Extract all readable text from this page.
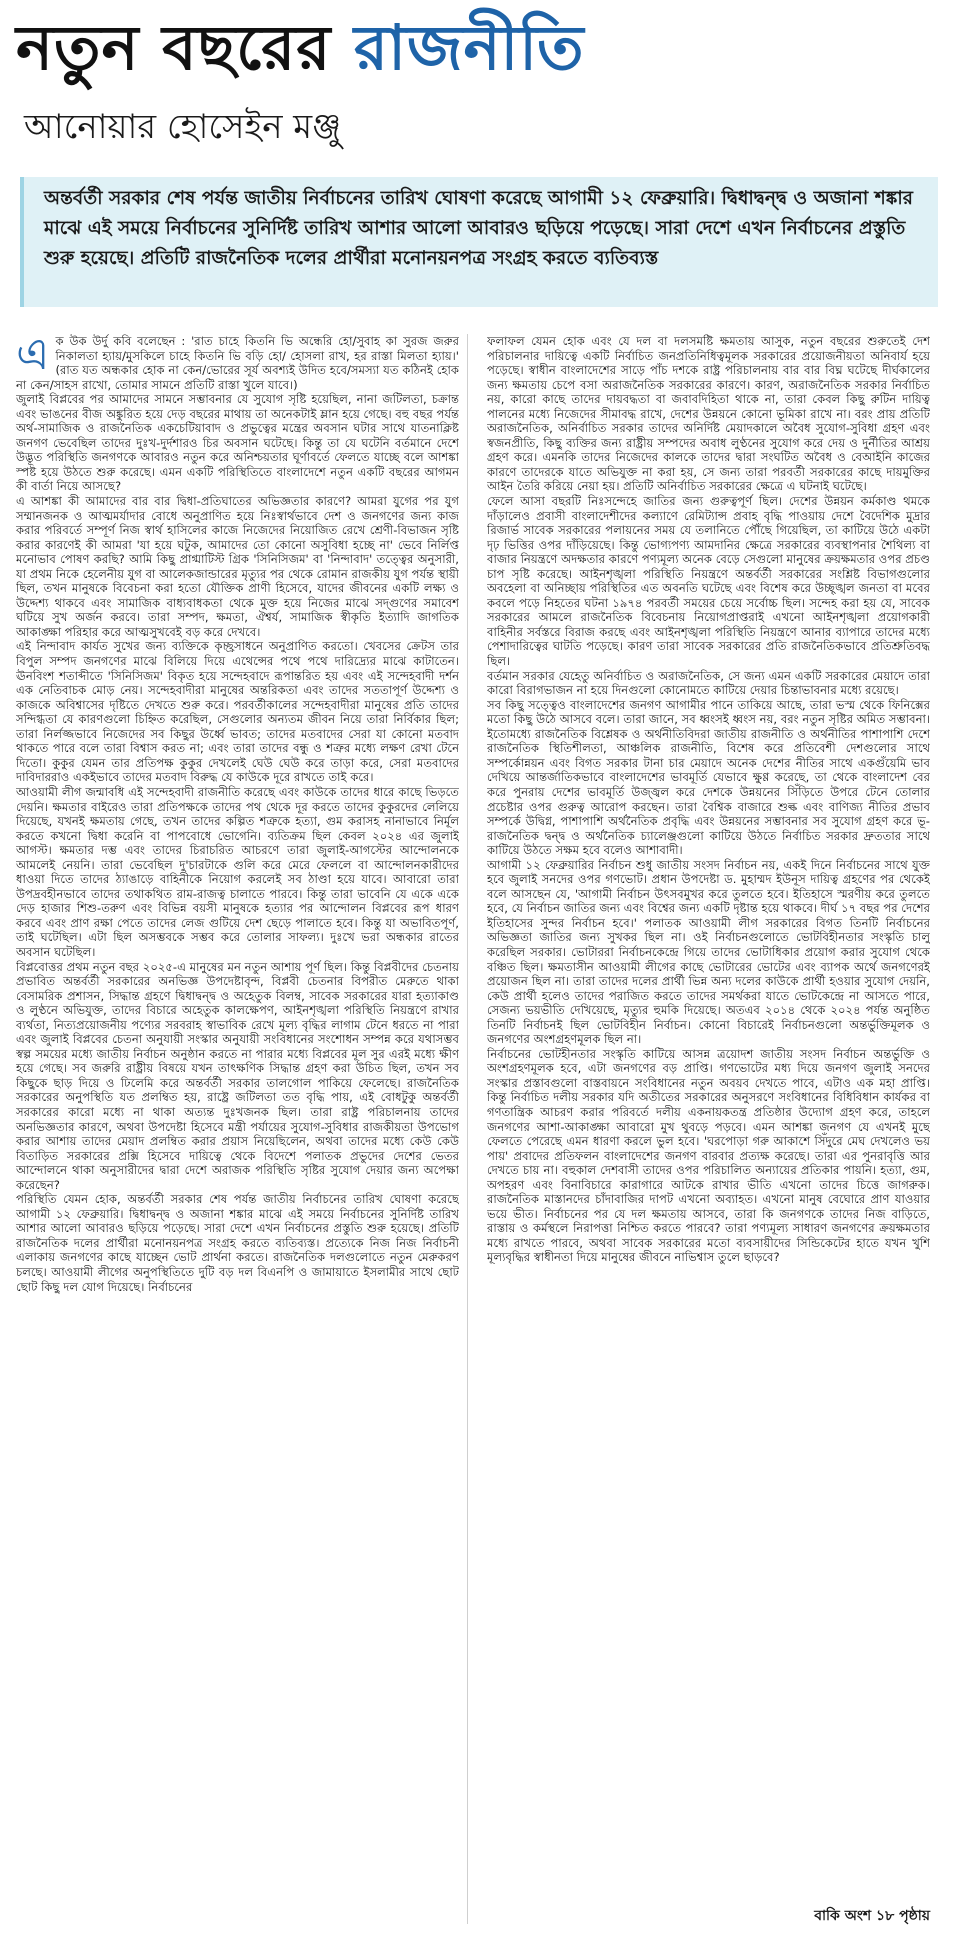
নতুন বছরের রাজনীতি
আনোয়ার হোসেইন মঞ্জু
অন্তর্বর্তী সরকার শেষ পর্যন্ত জাতীয় নির্বাচনের তারিখ ঘোষণা করেছে আগামী ১২ ফেব্রুয়ারি। দ্বিধাদ্বন্দ্ব ও অজানা শঙ্কার মাঝে এই সময়ে নির্বাচনের সুনির্দিষ্ট তারিখ আশার আলো আবারও ছড়িয়ে পড়েছে। সারা দেশে এখন নির্বাচনের প্রস্তুতি শুরু হয়েছে। প্রতিটি রাজনৈতিক দলের প্রার্থীরা মনোনয়নপত্র সংগ্রহ করতে ব্যতিব্যস্ত
এ ক উক উর্দু কবি বলেছেন : 'রাত চাহে কিতনি ভি অন্ধেরি হো/সুবাহ কা সুরজ জরুর নিকালতা হ্যায়/মুসকিলে চাহে কিতনি ভি বড়ি হো/ হোসলা রাখ, হর রাস্তা মিলতা হ্যায়।' (রাত যত অন্ধকার হোক না কেন/ভোরের সূর্য অবশ্যই উদিত হবে/সমস্যা যত কঠিনই হোক না কেন/সাহস রাখো, তোমার সামনে প্রতিটি রাস্তা খুলে যাবে।)

জুলাই বিপ্লবের পর আমাদের সামনে সম্ভাবনার যে সুযোগ সৃষ্টি হয়েছিল, নানা জটিলতা, চক্রান্ত এবং ভাঙনের বীজ অঙ্কুরিত হয়ে দেড় বছরের মাথায় তা অনেকটাই ম্লান হয়ে গেছে। বহু বছর পর্যন্ত অর্থ-সামাজিক ও রাজনৈতিক একচেটিয়াবাদ ও প্রভুত্বের মন্ত্রের অবসান ঘটার সাথে যাতনাক্লিষ্ট জনগণ ভেবেছিল তাদের দুঃখ-দুর্দশারও চির অবসান ঘটেছে। কিন্তু তা যে ঘটেনি বর্তমানে দেশে উদ্ভূত পরিস্থিতি জনগণকে আবারও নতুন করে অনিশ্চয়তার ঘূর্ণাবর্তে ফেলতে যাচ্ছে বলে আশঙ্কা স্পষ্ট হয়ে উঠতে শুরু করেছে। এমন একটি পরিস্থিতিতে বাংলাদেশে নতুন একটি বছরের আগমন কী বার্তা নিয়ে আসছে?

এ আশঙ্কা কী আমাদের বার বার দ্বিধা-প্রতিঘাতের অভিজ্ঞতার কারণে? আমরা যুগের পর যুগ সম্মানজনক ও আত্মমর্যাদার বোধে অনুপ্রাণিত হয়ে নিঃস্বার্থভাবে দেশ ও জনগণের জন্য কাজ করার পরিবর্তে সম্পূর্ণ নিজ স্বার্থ হাসিলের কাজে নিজেদের নিয়োজিত রেখে শ্রেণী-বিভাজন সৃষ্টি করার কারণেই কী আমরা 'যা হয়ে ঘটুক, আমাদের তো কোনো অসুবিধা হচ্ছে না' ভেবে নির্লিপ্ত মনোভাব পোষণ করছি? আমি কিছু প্রাগ্মাটিস্ট গ্রিক 'সিনিসিজম' বা 'নিন্দাবাদ' তত্ত্বের অনুসারী, যা প্রথম নিকে হেলেনীয় যুগ বা আলেকজান্ডারের মৃত্যুর পর থেকে রোমান রাজকীয় যুগ পর্যন্ত স্থায়ী ছিল, তখন মানুষকে বিবেচনা করা হতো যৌক্তিক প্রাণী হিসেবে, যাদের জীবনের একটি লক্ষ্য ও উদ্দেশ্য থাকবে এবং সামাজিক বাধ্যবাধকতা থেকে মুক্ত হয়ে নিজের মাঝে সদ্গুণের সমাবেশ ঘটিয়ে সুখ অর্জন করবে। তারা সম্পদ, ক্ষমতা, ঐশ্বর্য, সামাজিক স্বীকৃতি ইত্যাদি জাগতিক আকাঙ্ক্ষা পরিহার করে আত্মসুখবেই বড় করে দেখবে।

এই নিন্দাবাদ কার্যত সুখের জন্য ব্যক্তিকে কৃচ্ছ্রসাধনে অনুপ্রাণিত করতো। খেবসের ক্রেটস তার বিপুল সম্পদ জনগণের মাঝে বিলিয়ে দিয়ে এথেন্সের পথে পথে দারিদ্র্যের মাঝে কাটাতেন। ঊনবিংশ শতাব্দীতে 'সিনিসিজম' বিকৃত হয়ে সন্দেহবাদে রূপান্তরিত হয় এবং এই সন্দেহবাদী দর্শন এক নেতিবাচক মোড় নেয়। সন্দেহবাদীরা মানুষের অন্তরিকতা এবং তাদের সততাপূর্ণ উদ্দেশ্য ও কাজকে অবিশ্বাসের দৃষ্টিতে দেখতে শুরু করে। পরবর্তীকালের সন্দেহবাদীরা মানুষের প্রতি তাদের সন্দিগ্ধতা যে কারণগুলো চিহ্নিত করেছিল, সেগুলোর অন্যতম জীবন নিয়ে তারা নির্বিকার ছিল; তারা নির্লজ্জভাবে নিজেদের সব কিছুর উর্ধ্বে ভাবত; তাদের মতবাদের সেরা যা কোনো মতবাদ থাকতে পারে বলে তারা বিশ্বাস করত না; এবং তারা তাদের বন্ধু ও শত্রুর মধ্যে লক্ষণ রেখা টেনে দিতো। কুকুর যেমন তার প্রতিপক্ষ কুকুর দেখলেই ঘেউ ঘেউ করে তাড়া করে, সেরা মতবাদের দাবিদাররাও একইভাবে তাদের মতবাদ বিরুদ্ধ যে কাউকে দূরে রাখতে তাই করে।

আওয়ামী লীগ জন্মাবধি এই সন্দেহবাদী রাজনীতি করেছে এবং কাউকে তাদের ধারে কাছে ভিড়তে দেয়নি। ক্ষমতার বাইরেও তারা প্রতিপক্ষকে তাদের পথ থেকে দূর করতে তাদের কুকুরদের লেলিয়ে দিয়েছে, যখনই ক্ষমতায় গেছে, তখন তাদের কল্পিত শত্রুকে হত্যা, গুম করাসহ নানাভাবে নির্মূল করতে কখনো দ্বিধা করেনি বা পাপবোধে ভোগেনি। ব্যতিক্রম ছিল কেবল ২০২৪ এর জুলাই আগস্ট। ক্ষমতার দম্ভ এবং তাদের চিরাচরিত আচরণে তারা জুলাই-আগস্টের আন্দোলনকে আমলেই নেয়নি। তারা ভেবেছিল দু'চারটাকে গুলি করে মেরে ফেললে বা আন্দোলনকারীদের ধাওয়া দিতে তাদের ঠ্যাঙাড়ে বাহিনীকে নিয়োগ করলেই সব ঠাণ্ডা হয়ে যাবে। আবারো তারা উপদ্রবহীনভাবে তাদের তথাকথিত রাম-রাজত্ব চালাতে পারবে। কিন্তু তারা ভাবেনি যে একে একে দেড় হাজার শিশু-তরুণ এবং বিভিন্ন বয়সী মানুষকে হত্যার পর আন্দোলন বিপ্লবের রূপ ধারণ করবে এবং প্রাণ রক্ষা পেতে তাদের লেজ গুটিয়ে দেশ ছেড়ে পালাতে হবে। কিন্তু যা অভাবিতপূর্ণ, তাই ঘটেছিল। এটা ছিল অসম্ভবকে সম্ভব করে তোলার সাফল্য। দুঃখে ভরা অন্ধকার রাতের অবসান ঘটেছিল।

বিপ্লবোত্তর প্রথম নতুন বছর ২০২৫-এ মানুষের মন নতুন আশায় পূর্ণ ছিল। কিন্তু বিপ্লবীদের চেতনায় প্রভাবিত অন্তর্বর্তী সরকারের অনভিজ্ঞ উপদেষ্টাবৃন্দ, বিপ্লবী চেতনার বিপরীত মেরুতে থাকা বেসামরিক প্রশাসন, সিদ্ধান্ত গ্রহণে দ্বিধাদ্বন্দ্ব ও অহেতুক বিলম্ব, সাবেক সরকারের যারা হত্যাকাণ্ড ও লুণ্ঠনে অভিযুক্ত, তাদের বিচারে অহেতুক কালক্ষেপণ, আইনশৃঙ্খলা পরিস্থিতি নিয়ন্ত্রণে রাখার ব্যর্থতা, নিত্যপ্রয়োজনীয় পণ্যের সরবরাহ স্বাভাবিক রেখে মূল্য বৃদ্ধির লাগাম টেনে ধরতে না পারা এবং জুলাই বিপ্লবের চেতনা অনুযায়ী সংস্কার অনুযায়ী সংবিধানের সংশোধন সম্পন্ন করে যথাসম্ভব স্বল্প সময়ের মধ্যে জাতীয় নির্বাচন অনুষ্ঠান করতে না পারার মধ্যে বিপ্লবের মূল সুর এরই মধ্যে ক্ষীণ হয়ে গেছে। সব জরুরি রাষ্ট্রীয় বিষয়ে যখন তাৎক্ষণিক সিদ্ধান্ত গ্রহণ করা উচিত ছিল, তখন সব কিছুকে ছাড় দিয়ে ও ঢিলেমি করে অন্তর্বর্তী সরকার তালগোল পাকিয়ে ফেলেছে। রাজনৈতিক সরকারের অনুপস্থিতি যত প্রলম্বিত হয়, রাষ্ট্রে জটিলতা তত বৃদ্ধি পায়, এই বোধটুকু অন্তর্বর্তী সরকারের কারো মধ্যে না থাকা অত্যন্ত দুঃখজনক ছিল। তারা রাষ্ট্র পরিচালনায় তাদের অনভিজ্ঞতার কারণে, অথবা উপদেষ্টা হিসেবে মন্ত্রী পর্যায়ের সুযোগ-সুবিধার রাজকীয়তা উপভোগ করার আশায় তাদের মেয়াদ প্রলম্বিত করার প্রয়াস নিয়েছিলেন, অথবা তাদের মধ্যে কেউ কেউ বিতাড়িত সরকারের প্রক্সি হিসেবে দায়িত্বে থেকে বিদেশে পলাতক প্রভুদের দেশের ভেতর আন্দোলনে থাকা অনুসারীদের দ্বারা দেশে অরাজক পরিস্থিতি সৃষ্টির সুযোগ দেয়ার জন্য অপেক্ষা করেছেন?

পরিস্থিতি যেমন হোক, অন্তর্বর্তী সরকার শেষ পর্যন্ত জাতীয় নির্বাচনের তারিখ ঘোষণা করেছে আগামী ১২ ফেব্রুয়ারি। দ্বিধাদ্বন্দ্ব ও অজানা শঙ্কার মাঝে এই সময়ে নির্বাচনের সুনির্দিষ্ট তারিখ আশার আলো আবারও ছড়িয়ে পড়েছে। সারা দেশে এখন নির্বাচনের প্রস্তুতি শুরু হয়েছে। প্রতিটি রাজনৈতিক দলের প্রার্থীরা মনোনয়নপত্র সংগ্রহ করতে ব্যতিব্যস্ত। প্রত্যেকে নিজ নিজ নির্বাচনী এলাকায় জনগণের কাছে যাচ্ছেন ভোট প্রার্থনা করতে। রাজনৈতিক দলগুলোতে নতুন মেরুকরণ চলছে। আওয়ামী লীগের অনুপস্থিতিতে দুটি বড় দল বিএনপি ও জামায়াতে ইসলামীর সাথে ছোট ছোট কিছু দল যোগ দিয়েছে। নির্বাচনের

ফলাফল যেমন হোক এবং যে দল বা দলসমষ্টি ক্ষমতায় আসুক, নতুন বছরের শুরুতেই দেশ পরিচালনার দায়িত্বে একটি নির্বাচিত জনপ্রতিনিধিত্বমূলক সরকারের প্রয়োজনীয়তা অনিবার্য হয়ে পড়েছে। স্বাধীন বাংলাদেশের সাড়ে পাঁচ দশকে রাষ্ট্র পরিচালনায় বার বার বিঘ্ন ঘটেছে দীর্ঘকালের জন্য ক্ষমতায় চেপে বসা অরাজনৈতিক সরকারের কারণে। কারণ, অরাজনৈতিক সরকার নির্বাচিত নয়, কারো কাছে তাদের দায়বদ্ধতা বা জবাবদিহিতা থাকে না, তারা কেবল কিছু রুটিন দায়িত্ব পালনের মধ্যে নিজেদের সীমাবদ্ধ রাখে, দেশের উন্নয়নে কোনো ভূমিকা রাখে না। বরং প্রায় প্রতিটি অরাজনৈতিক, অনির্বাচিত সরকার তাদের অনির্দিষ্ট মেয়াদকালে অবৈধ সুযোগ-সুবিধা গ্রহণ এবং স্বজনপ্রীতি, কিছু ব্যক্তির জন্য রাষ্ট্রীয় সম্পদের অবাধ লুণ্ঠনের সুযোগ করে দেয় ও দুর্নীতির আশ্রয় গ্রহণ করে। এমনকি তাদের নিজেদের কালকে তাদের দ্বারা সংঘটিত অবৈধ ও বেআইনি কাজের কারণে তাদেরকে যাতে অভিযুক্ত না করা হয়, সে জন্য তারা পরবর্তী সরকারের কাছে দায়মুক্তির আইন তৈরি করিয়ে নেয়া হয়। প্রতিটি অনির্বাচিত সরকারের ক্ষেত্রে এ ঘটনাই ঘটেছে।

ফেলে আসা বছরটি নিঃসন্দেহে জাতির জন্য গুরুত্বপূর্ণ ছিল। দেশের উন্নয়ন কর্মকাণ্ড থমকে দাঁড়ালেও প্রবাসী বাংলাদেশীদের কল্যাণে রেমিট্যান্স প্রবাহ বৃদ্ধি পাওয়ায় দেশে বৈদেশিক মুদ্রার রিজার্ভ সাবেক সরকারের পলায়নের সময় যে তলানিতে পৌঁছে গিয়েছিল, তা কাটিয়ে উঠে একটা দৃঢ় ভিত্তির ওপর দাঁড়িয়েছে। কিন্তু ভোগ্যপণ্য আমদানির ক্ষেত্রে সরকারের ব্যবস্থাপনার শৈথিল্য বা বাজার নিয়ন্ত্রণে অদক্ষতার কারণে পণ্যমূল্য অনেক বেড়ে সেগুলো মানুষের ক্রয়ক্ষমতার ওপর প্রচণ্ড চাপ সৃষ্টি করেছে। আইনশৃঙ্খলা পরিস্থিতি নিয়ন্ত্রণে অন্তর্বর্তী সরকারের সংশ্লিষ্ট বিভাগগুলোর অবহেলা বা অনিচ্ছায় পরিস্থিতির এত অবনতি ঘটেছে এবং বিশেষ করে উচ্ছৃঙ্খল জনতা বা মবের কবলে পড়ে নিহতের ঘটনা ১৯৭৪ পরবর্তী সময়ের চেয়ে সর্বোচ্চ ছিল। সন্দেহ করা হয় যে, সাবেক সরকারের আমলে রাজনৈতিক বিবেচনায় নিয়োগপ্রাপ্তরাই এখনো আইনশৃঙ্খলা প্রয়োগকারী বাহিনীর সর্বস্তরে বিরাজ করছে এবং আইনশৃঙ্খলা পরিস্থিতি নিয়ন্ত্রণে আনার ব্যাপারে তাদের মধ্যে পেশাদারিত্বের ঘাটতি পড়েছে। কারণ তারা সাবেক সরকারের প্রতি রাজনৈতিকভাবে প্রতিশ্রুতিবদ্ধ ছিল।

বর্তমান সরকার যেহেতু অনির্বাচিত ও অরাজনৈতিক, সে জন্য এমন একটি সরকারের মেয়াদে তারা কারো বিরাগভাজন না হয়ে দিনগুলো কোনোমতে কাটিয়ে দেয়ার চিন্তাভাবনার মধ্যে রয়েছে।

সব কিছু সত্ত্বেও বাংলাদেশের জনগণ আগামীর পানে তাকিয়ে আছে, তারা ভস্ম থেকে ফিনিক্সের মতো কিছু উঠে আসবে বলে। তারা জানে, সব ধ্বংসই ধ্বংস নয়, বরং নতুন সৃষ্টির অমিত সম্ভাবনা। ইতোমধ্যে রাজনৈতিক বিশ্লেষক ও অর্থনীতিবিদরা জাতীয় রাজনীতি ও অর্থনীতির পাশাপাশি দেশে রাজনৈতিক স্থিতিশীলতা, আঞ্চলিক রাজনীতি, বিশেষ করে প্রতিবেশী দেশগুলোর সাথে সম্পর্কোন্নয়ন এবং বিগত সরকার টানা চার মেয়াদে অনেক দেশের নীতির সাথে একগুঁয়েমি ভাব দেখিয়ে আন্তর্জাতিকভাবে বাংলাদেশের ভাবমূর্তি যেভাবে ক্ষুণ্ণ করেছে, তা থেকে বাংলাদেশ বের করে পুনরায় দেশের ভাবমূর্তি উজ্জ্বল করে দেশকে উন্নয়নের সিঁড়িতে উপরে টেনে তোলার প্রচেষ্টার ওপর গুরুত্ব আরোপ করছেন। তারা বৈশ্বিক বাজারে শুল্ক এবং বাণিজ্য নীতির প্রভাব সম্পর্কে উদ্বিগ্ন, পাশাপাশি অর্থনৈতিক প্রবৃদ্ধি এবং উন্নয়নের সম্ভাবনার সব সুযোগ গ্রহণ করে ভূ-রাজনৈতিক দ্বন্দ্ব ও অর্থনৈতিক চ্যালেঞ্জগুলো কাটিয়ে উঠতে নির্বাচিত সরকার দ্রুততার সাথে কাটিয়ে উঠতে সক্ষম হবে বলেও আশাবাদী।

আগামী ১২ ফেব্রুয়ারির নির্বাচন শুধু জাতীয় সংসদ নির্বাচন নয়, একই দিনে নির্বাচনের সাথে যুক্ত হবে জুলাই সনদের ওপর গণভোট। প্রধান উপদেষ্টা ড. মুহাম্মদ ইউনূস দায়িত্ব গ্রহণের পর থেকেই বলে আসছেন যে, 'আগামী নির্বাচন উৎসবমুখর করে তুলতে হবে। ইতিহাসে স্মরণীয় করে তুলতে হবে, যে নির্বাচন জাতির জন্য এবং বিশ্বের জন্য একটি দৃষ্টান্ত হয়ে থাকবে। দীর্ঘ ১৭ বছর পর দেশের ইতিহাসের সুন্দর নির্বাচন হবে।' পলাতক আওয়ামী লীগ সরকারের বিগত তিনটি নির্বাচনের অভিজ্ঞতা জাতির জন্য সুখকর ছিল না। ওই নির্বাচনগুলোতে ভোটবিহীনতার সংস্কৃতি চালু করেছিল সরকার। ভোটাররা নির্বাচনকেন্দ্রে গিয়ে তাদের ভোটাধিকার প্রয়োগ করার সুযোগ থেকে বঞ্চিত ছিল। ক্ষমতাসীন আওয়ামী লীগের কাছে ভোটারের ভোটের এবং ব্যাপক অর্থে জনগণেরই প্রয়োজন ছিল না। তারা তাদের দলের প্রার্থী ভিন্ন অন্য দলের কাউকে প্রার্থী হওয়ার সুযোগ দেয়নি, কেউ প্রার্থী হলেও তাদের পরাজিত করতে তাদের সমর্থকরা যাতে ভোটকেন্দ্রে না আসতে পারে, সেজন্য ভয়ভীতি দেখিয়েছে, মৃত্যুর হুমকি দিয়েছে। অতএব ২০১৪ থেকে ২০২৪ পর্যন্ত অনুষ্ঠিত তিনটি নির্বাচনই ছিল ভোটবিহীন নির্বাচন। কোনো বিচারেই নির্বাচনগুলো অন্তর্ভুক্তিমূলক ও জনগণের অংশগ্রহণমূলক ছিল না।

নির্বাচনের ভোটহীনতার সংস্কৃতি কাটিয়ে আসন্ন ত্রয়োদশ জাতীয় সংসদ নির্বাচন অন্তর্ভুক্তি ও অংশগ্রহণমূলক হবে, এটা জনগণের বড় প্রাপ্তি। গণভোটের মধ্য দিয়ে জনগণ জুলাই সনদের সংস্কার প্রস্তাবগুলো বাস্তবায়নে সংবিধানের নতুন অবয়ব দেখতে পাবে, এটাও এক মহা প্রাপ্তি। কিন্তু নির্বাচিত দলীয় সরকার যদি অতীতের সরকারের অনুসরণে সংবিধানের বিধিবিধান কার্যকর বা গণতান্ত্রিক আচরণ করার পরিবর্তে দলীয় একনায়কতন্ত্র প্রতিষ্ঠার উদ্যোগ গ্রহণ করে, তাহলে জনগণের আশা-আকাঙ্ক্ষা আবারো মুখ থুবড়ে পড়বে। এমন আশঙ্কা জনগণ যে এখনই মুছে ফেলতে পেরেছে এমন ধারণা করলে ভুল হবে। 'ঘরপোড়া গরু আকাশে সিঁদুরে মেঘ দেখলেও ভয় পায়' প্রবাদের প্রতিফলন বাংলাদেশের জনগণ বারবার প্রত্যক্ষ করেছে। তারা এর পুনরাবৃত্তি আর দেখতে চায় না। বহুকাল দেশবাসী তাদের ওপর পরিচালিত অন্যায়ের প্রতিকার পায়নি। হত্যা, গুম, অপহরণ এবং বিনাবিচারে কারাগারে আটকে রাখার ভীতি এখনো তাদের চিত্তে জাগরুক। রাজনৈতিক মাস্তানদের চাঁদাবাজির দাপট এখনো অব্যাহত। এখনো মানুষ বেঘোরে প্রাণ যাওয়ার ভয়ে ভীত। নির্বাচনের পর যে দল ক্ষমতায় আসবে, তারা কি জনগণকে তাদের নিজ বাড়িতে, রাস্তায় ও কর্মস্থলে নিরাপত্তা নিশ্চিত করতে পারবে? তারা পণ্যমূল্য সাধারণ জনগণের ক্রয়ক্ষমতার মধ্যে রাখতে পারবে, অথবা সাবেক সরকারের মতো ব্যবসায়ীদের সিন্ডিকেটের হাতে যখন খুশি মূল্যবৃদ্ধির স্বাধীনতা দিয়ে মানুষের জীবনে নাভিশ্বাস তুলে ছাড়বে?

বাকি অংশ ১৮ পৃষ্ঠায়
